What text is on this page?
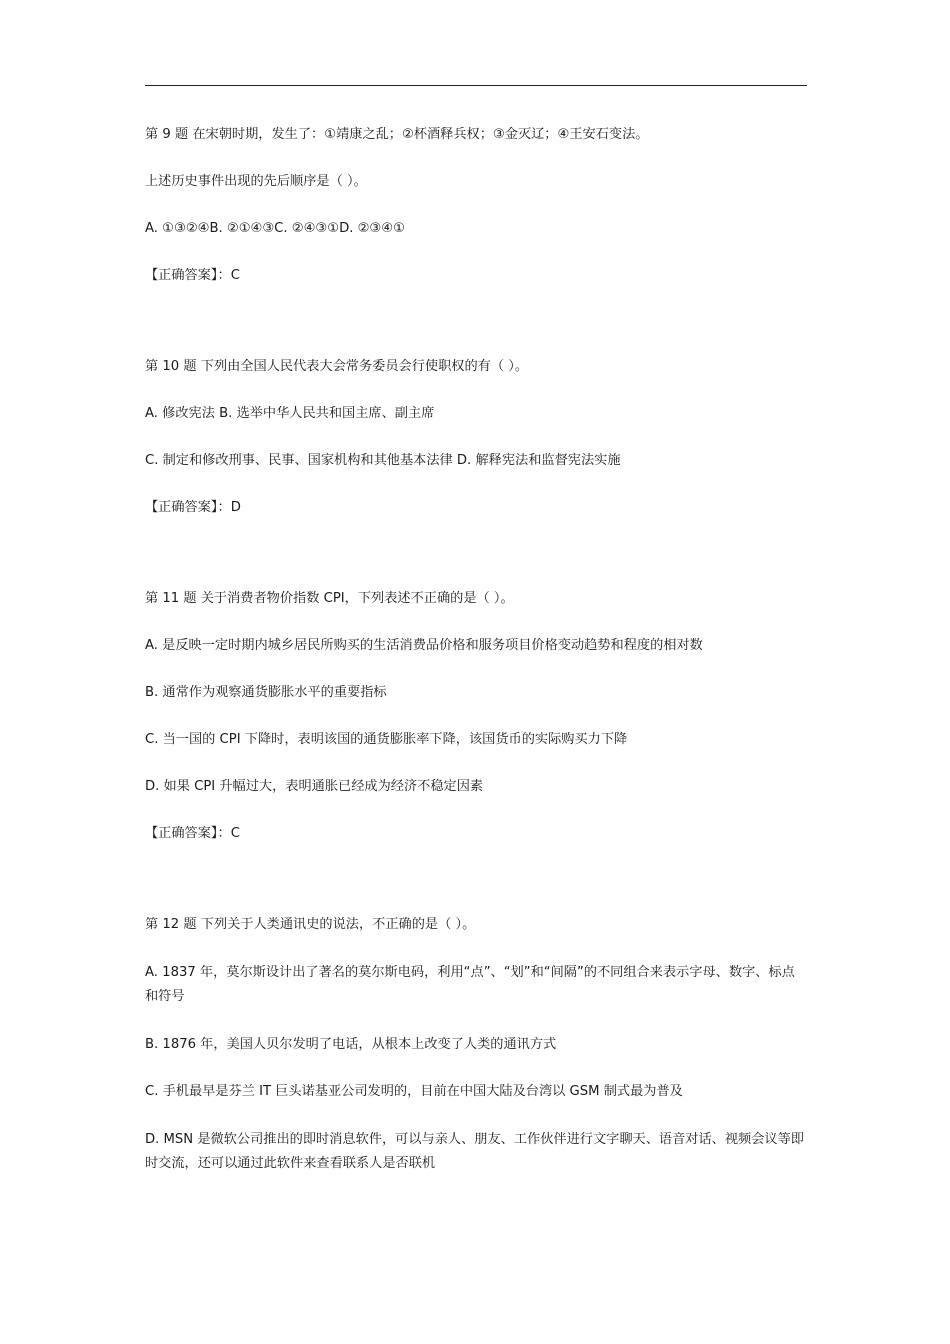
第 9 题 在宋朝时期，发生了：①靖康之乱；②杯酒释兵权；③金灭辽；④王安石变法。

上述历史事件出现的先后顺序是（ ）。

A. ①③②④B. ②①④③C. ②④③①D. ②③④①

【正确答案】：C

第 10 题 下列由全国人民代表大会常务委员会行使职权的有（ ）。

A. 修改宪法 B. 选举中华人民共和国主席、副主席

C. 制定和修改刑事、民事、国家机构和其他基本法律 D. 解释宪法和监督宪法实施

【正确答案】：D

第 11 题 关于消费者物价指数 CPI，下列表述不正确的是（ ）。

A. 是反映一定时期内城乡居民所购买的生活消费品价格和服务项目价格变动趋势和程度的相对数

B. 通常作为观察通货膨胀水平的重要指标

C. 当一国的 CPI 下降时，表明该国的通货膨胀率下降，该国货币的实际购买力下降

D. 如果 CPI 升幅过大，表明通胀已经成为经济不稳定因素

【正确答案】：C

第 12 题 下列关于人类通讯史的说法，不正确的是（ ）。

A. 1837 年，莫尔斯设计出了著名的莫尔斯电码，利用“点”、“划”和“间隔”的不同组合来表示字母、数字、标点和符号

B. 1876 年，美国人贝尔发明了电话，从根本上改变了人类的通讯方式

C. 手机最早是芬兰 IT 巨头诺基亚公司发明的，目前在中国大陆及台湾以 GSM 制式最为普及

D. MSN 是微软公司推出的即时消息软件，可以与亲人、朋友、工作伙伴进行文字聊天、语音对话、视频会议等即时交流，还可以通过此软件来查看联系人是否联机
